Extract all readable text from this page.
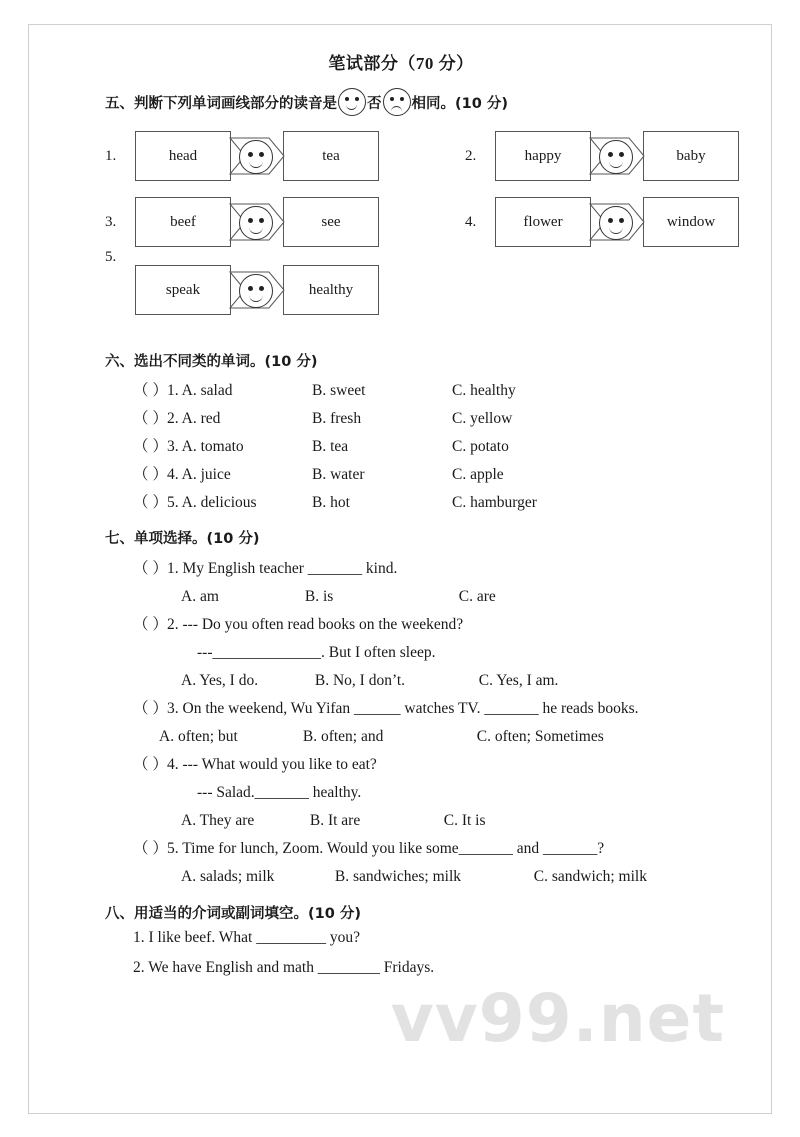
笔试部分（70 分）
五、判断下列单词画线部分的读音是 否 相同。(10 分)
1.	head	tea	2.	happy	baby
3.	beef	see	4.	flower	window
5.
speak	healthy
六、选出不同类的单词。(10 分)
（ ） 1. A. salad	B. sweet	C. healthy
（ ） 2. A. red	B. fresh	C. yellow
（ ） 3. A. tomato	B. tea	C. potato
（ ） 4. A. juice	B. water	C. apple
（ ） 5. A. delicious	B. hot	C. hamburger
七、单项选择。(10 分)
（ ） 1. My English teacher _______ kind.
A. am	B. is	C. are
（ ） 2. --- Do you often read books on the weekend?
---______________. But I often sleep.
A. Yes, I do.	B. No, I don’t.	C. Yes, I am.
（ ） 3. On the weekend, Wu Yifan ______ watches TV. _______ he reads books.
A. often; but	B. often; and	C. often; Sometimes
（ ） 4. --- What would you like to eat?
--- Salad._______ healthy.
A. They are	B. It are	C. It is
（ ） 5. Time for lunch, Zoom. Would you like some_______ and _______?
A. salads; milk	B. sandwiches; milk	C. sandwich; milk
八、用适当的介词或副词填空。(10 分)
1. I like beef. What _________ you?
2. We have English and math ________ Fridays.
vv99.net
